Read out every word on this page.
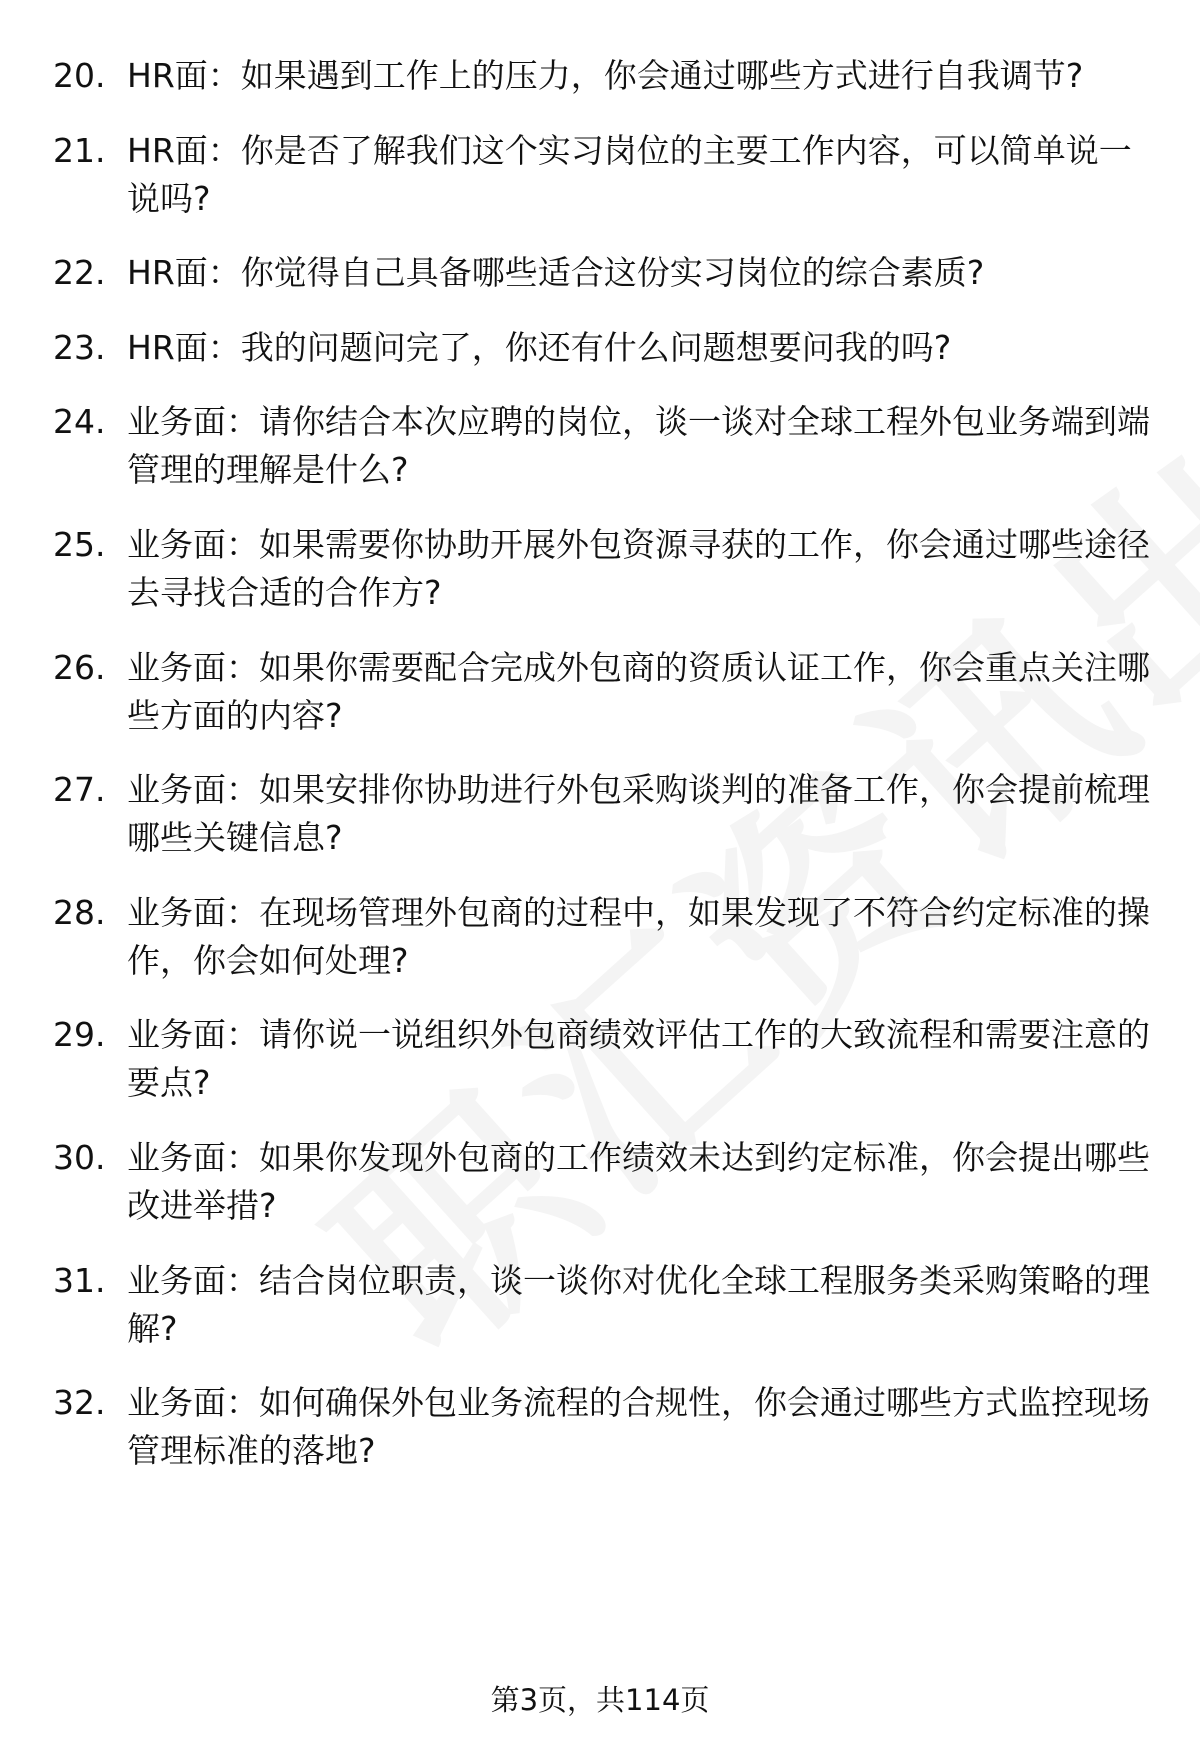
20. HR面：如果遇到工作上的压力，你会通过哪些方式进行自我调节?
21. HR面：你是否了解我们这个实习岗位的主要工作内容，可以简单说一说吗?
22. HR面：你觉得自己具备哪些适合这份实习岗位的综合素质?
23. HR面：我的问题问完了，你还有什么问题想要问我的吗?
24. 业务面：请你结合本次应聘的岗位，谈一谈对全球工程外包业务端到端管理的理解是什么?
25. 业务面：如果需要你协助开展外包资源寻获的工作，你会通过哪些途径去寻找合适的合作方?
26. 业务面：如果你需要配合完成外包商的资质认证工作，你会重点关注哪些方面的内容?
27. 业务面：如果安排你协助进行外包采购谈判的准备工作，你会提前梳理哪些关键信息?
28. 业务面：在现场管理外包商的过程中，如果发现了不符合约定标准的操作，你会如何处理?
29. 业务面：请你说一说组织外包商绩效评估工作的大致流程和需要注意的要点?
30. 业务面：如果你发现外包商的工作绩效未达到约定标准，你会提出哪些改进举措?
31. 业务面：结合岗位职责，谈一谈你对优化全球工程服务类采购策略的理解?
32. 业务面：如何确保外包业务流程的合规性，你会通过哪些方式监控现场管理标准的落地?
第3页，共114页
